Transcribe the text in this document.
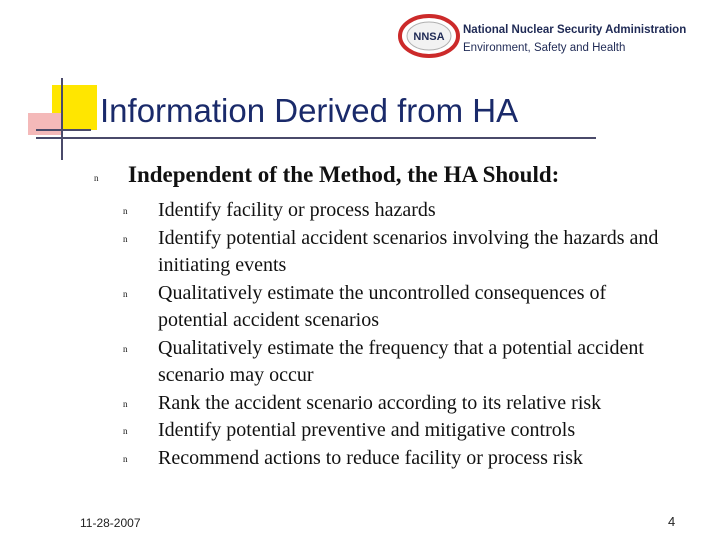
NNSA
National Nuclear Security Administration
Environment, Safety and Health
Information Derived from HA
n Independent of the Method, the HA Should:
n Identify facility or process hazards
n Identify potential accident scenarios involving the hazards and initiating events
n Qualitatively estimate the uncontrolled consequences of potential accident scenarios
n Qualitatively estimate the frequency that a potential accident scenario may occur
n Rank the accident scenario according to its relative risk
n Identify potential preventive and mitigative controls
n Recommend actions to reduce facility or process risk
11-28-2007	4
